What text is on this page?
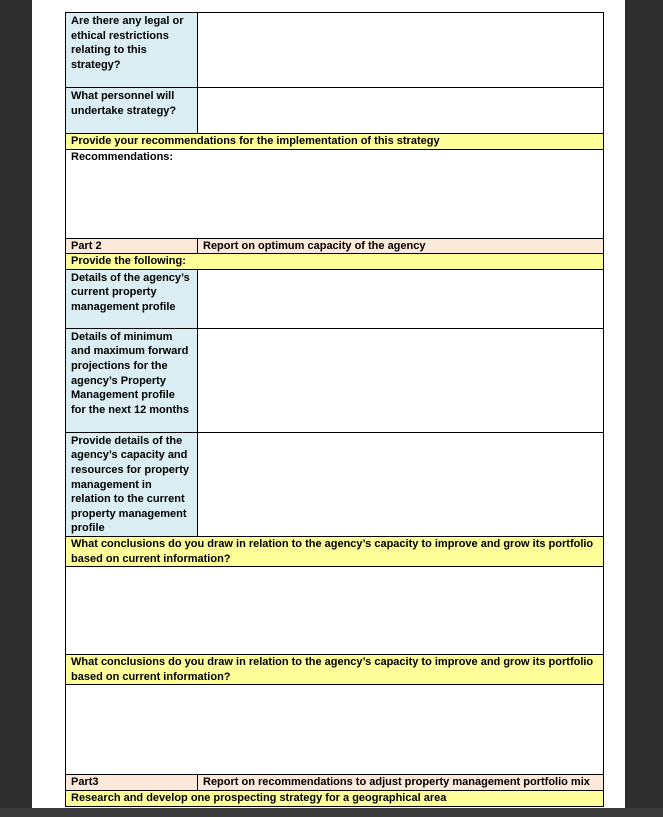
Are there any legal or ethical restrictions relating to this strategy?	
What personnel will undertake strategy?	
Provide your recommendations for the implementation of this strategy	
Recommendations:	
Part 2	Report on optimum capacity of the agency
Provide the following:	
Details of the agency’s current property management profile	
Details of minimum and maximum forward projections for the agency’s Property Management profile for the next 12 months	
Provide details of the agency’s capacity and resources for property management in relation to the current property management profile	
What conclusions do you draw in relation to the agency’s capacity to improve and grow its portfolio based on current information?	

What conclusions do you draw in relation to the agency’s capacity to improve and grow its portfolio based on current information?	

Part3	Report on recommendations to adjust property management portfolio mix
Research and develop one prospecting strategy for a geographical area	
